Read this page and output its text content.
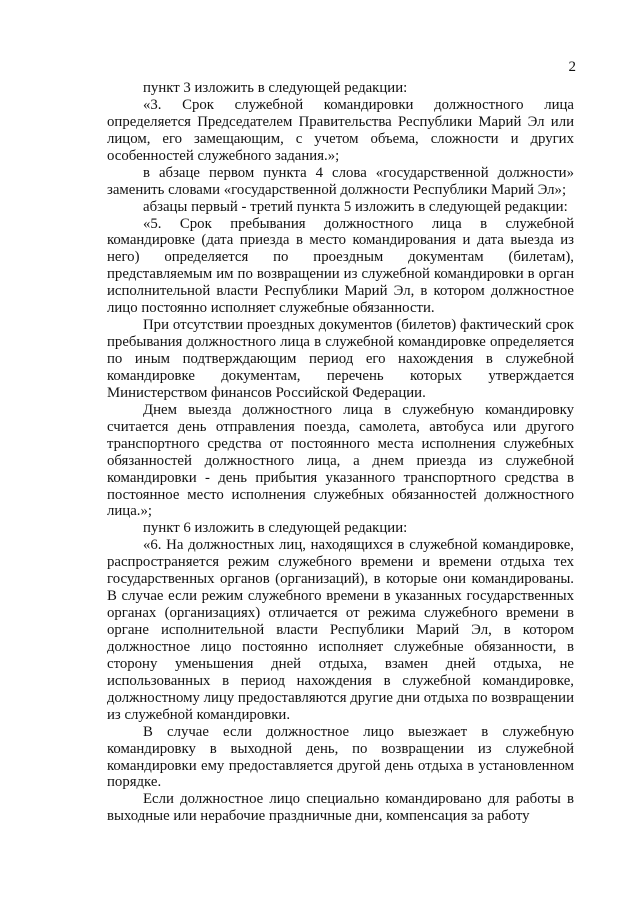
2

пункт 3 изложить в следующей редакции:

«3. Срок служебной командировки должностного лица определяется Председателем Правительства Республики Марий Эл или лицом, его замещающим, с учетом объема, сложности и других особенностей служебного задания.»;

в абзаце первом пункта 4 слова «государственной должности» заменить словами «государственной должности Республики Марий Эл»;

абзацы первый - третий пункта 5 изложить в следующей редакции:

«5. Срок пребывания должностного лица в служебной командировке (дата приезда в место командирования и дата выезда из него) определяется по проездным документам (билетам), представляемым им по возвращении из служебной командировки в орган исполнительной власти Республики Марий Эл, в котором должностное лицо постоянно исполняет служебные обязанности.

При отсутствии проездных документов (билетов) фактический срок пребывания должностного лица в служебной командировке определяется по иным подтверждающим период его нахождения в служебной командировке документам, перечень которых утверждается Министерством финансов Российской Федерации.

Днем выезда должностного лица в служебную командировку считается день отправления поезда, самолета, автобуса или другого транспортного средства от постоянного места исполнения служебных обязанностей должностного лица, а днем приезда из служебной командировки - день прибытия указанного транспортного средства в постоянное место исполнения служебных обязанностей должностного лица.»;

пункт 6 изложить в следующей редакции:

«6. На должностных лиц, находящихся в служебной командировке, распространяется режим служебного времени и времени отдыха тех государственных органов (организаций), в которые они командированы. В случае если режим служебного времени в указанных государственных органах (организациях) отличается от режима служебного времени в органе исполнительной власти Республики Марий Эл, в котором должностное лицо постоянно исполняет служебные обязанности, в сторону уменьшения дней отдыха, взамен дней отдыха, не использованных в период нахождения в служебной командировке, должностному лицу предоставляются другие дни отдыха по возвращении из служебной командировки.

В случае если должностное лицо выезжает в служебную командировку в выходной день, по возвращении из служебной командировки ему предоставляется другой день отдыха в установленном порядке.

Если должностное лицо специально командировано для работы в выходные или нерабочие праздничные дни, компенсация за работу
